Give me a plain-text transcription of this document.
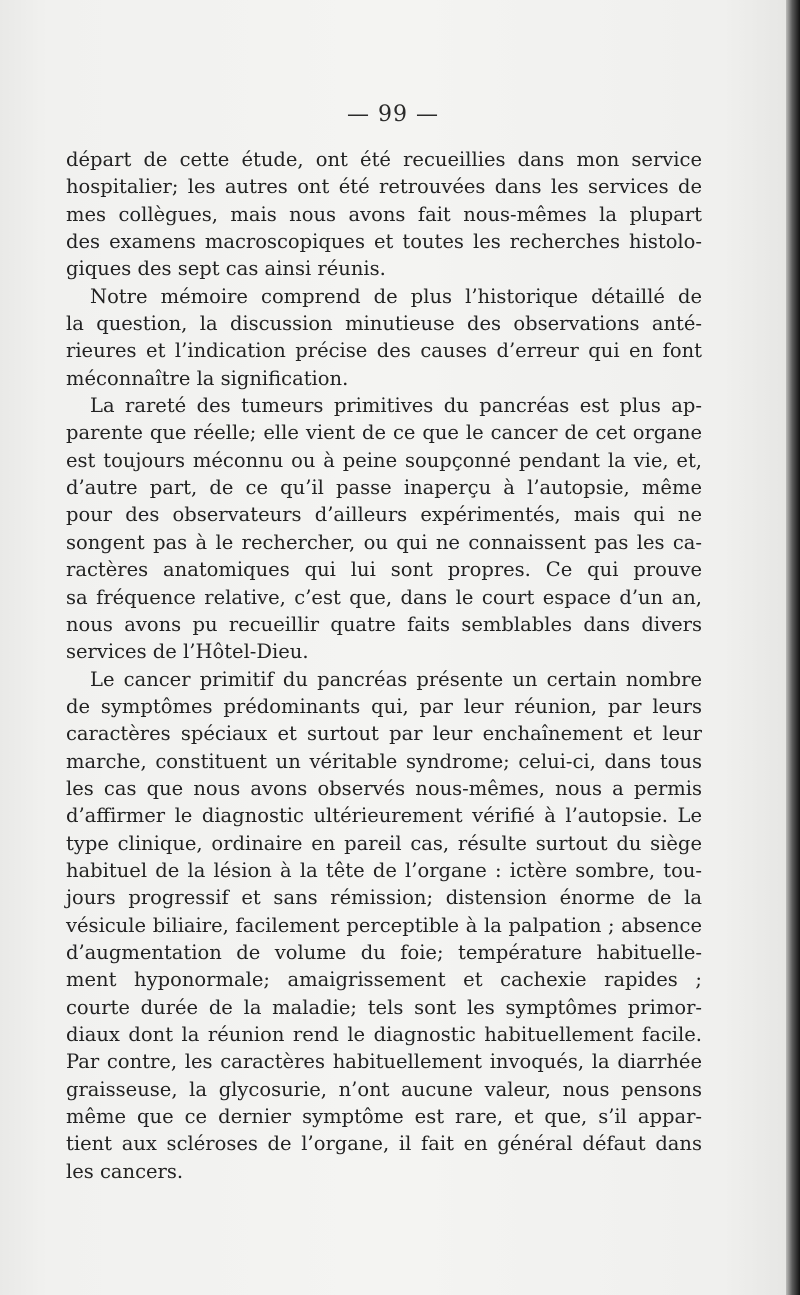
— 99 —

départ de cette étude, ont été recueillies dans mon service
hospitalier; les autres ont été retrouvées dans les services de
mes collègues, mais nous avons fait nous-mêmes la plupart
des examens macroscopiques et toutes les recherches histolo-
giques des sept cas ainsi réunis.

Notre mémoire comprend de plus l’historique détaillé de
la question, la discussion minutieuse des observations anté-
rieures et l’indication précise des causes d’erreur qui en font
méconnaître la signification.

La rareté des tumeurs primitives du pancréas est plus ap-
parente que réelle; elle vient de ce que le cancer de cet organe
est toujours méconnu ou à peine soupçonné pendant la vie, et,
d’autre part, de ce qu’il passe inaperçu à l’autopsie, même
pour des observateurs d’ailleurs expérimentés, mais qui ne
songent pas à le rechercher, ou qui ne connaissent pas les ca-
ractères anatomiques qui lui sont propres. Ce qui prouve
sa fréquence relative, c’est que, dans le court espace d’un an,
nous avons pu recueillir quatre faits semblables dans divers
services de l’Hôtel-Dieu.

Le cancer primitif du pancréas présente un certain nombre
de symptômes prédominants qui, par leur réunion, par leurs
caractères spéciaux et surtout par leur enchaînement et leur
marche, constituent un véritable syndrome; celui-ci, dans tous
les cas que nous avons observés nous-mêmes, nous a permis
d’affirmer le diagnostic ultérieurement vérifié à l’autopsie. Le
type clinique, ordinaire en pareil cas, résulte surtout du siège
habituel de la lésion à la tête de l’organe : ictère sombre, tou-
jours progressif et sans rémission; distension énorme de la
vésicule biliaire, facilement perceptible à la palpation ; absence
d’augmentation de volume du foie; température habituelle-
ment hyponormale; amaigrissement et cachexie rapides ;
courte durée de la maladie; tels sont les symptômes primor-
diaux dont la réunion rend le diagnostic habituellement facile.
Par contre, les caractères habituellement invoqués, la diarrhée
graisseuse, la glycosurie, n’ont aucune valeur, nous pensons
même que ce dernier symptôme est rare, et que, s’il appar-
tient aux scléroses de l’organe, il fait en général défaut dans
les cancers.
